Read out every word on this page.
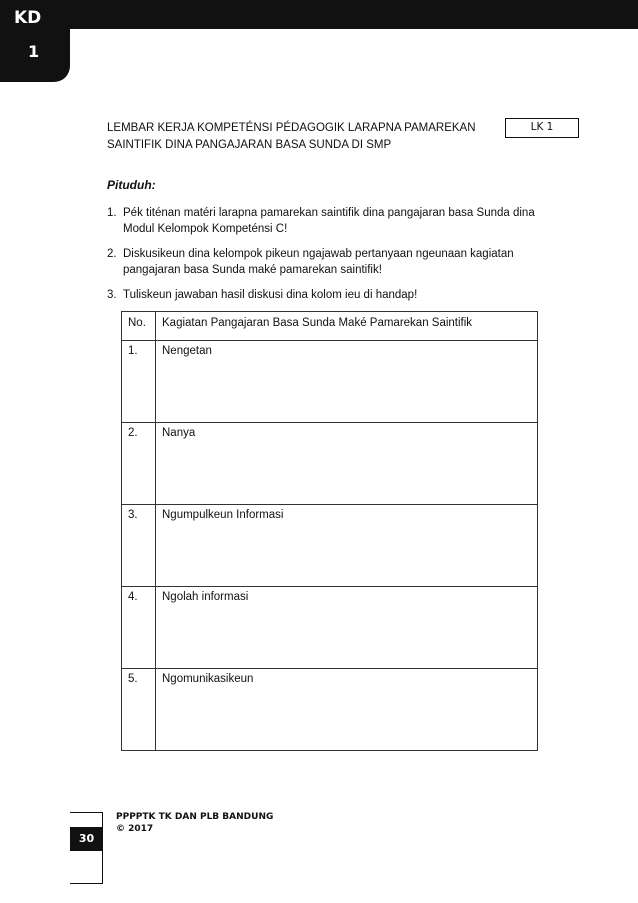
KD
1
LEMBAR KERJA KOMPETÉNSI PÉDAGOGIK LARAPNA PAMAREKAN
SAINTIFIK DINA PANGAJARAN BASA SUNDA DI SMP
LK 1
Pituduh:
1. Pék titénan matéri larapna pamarekan saintifik dina pangajaran basa Sunda dina Modul Kelompok Kompeténsi C!
2. Diskusikeun dina kelompok pikeun ngajawab pertanyaan ngeunaan kagiatan pangajaran basa Sunda maké pamarekan saintifik!
3. Tuliskeun jawaban hasil diskusi dina kolom ieu di handap!
No.	Kagiatan Pangajaran Basa Sunda Maké Pamarekan Saintifik
1.	Nengetan
2.	Nanya
3.	Ngumpulkeun Informasi
4.	Ngolah informasi
5.	Ngomunikasikeun
30
PPPPTK TK DAN PLB BANDUNG
© 2017
